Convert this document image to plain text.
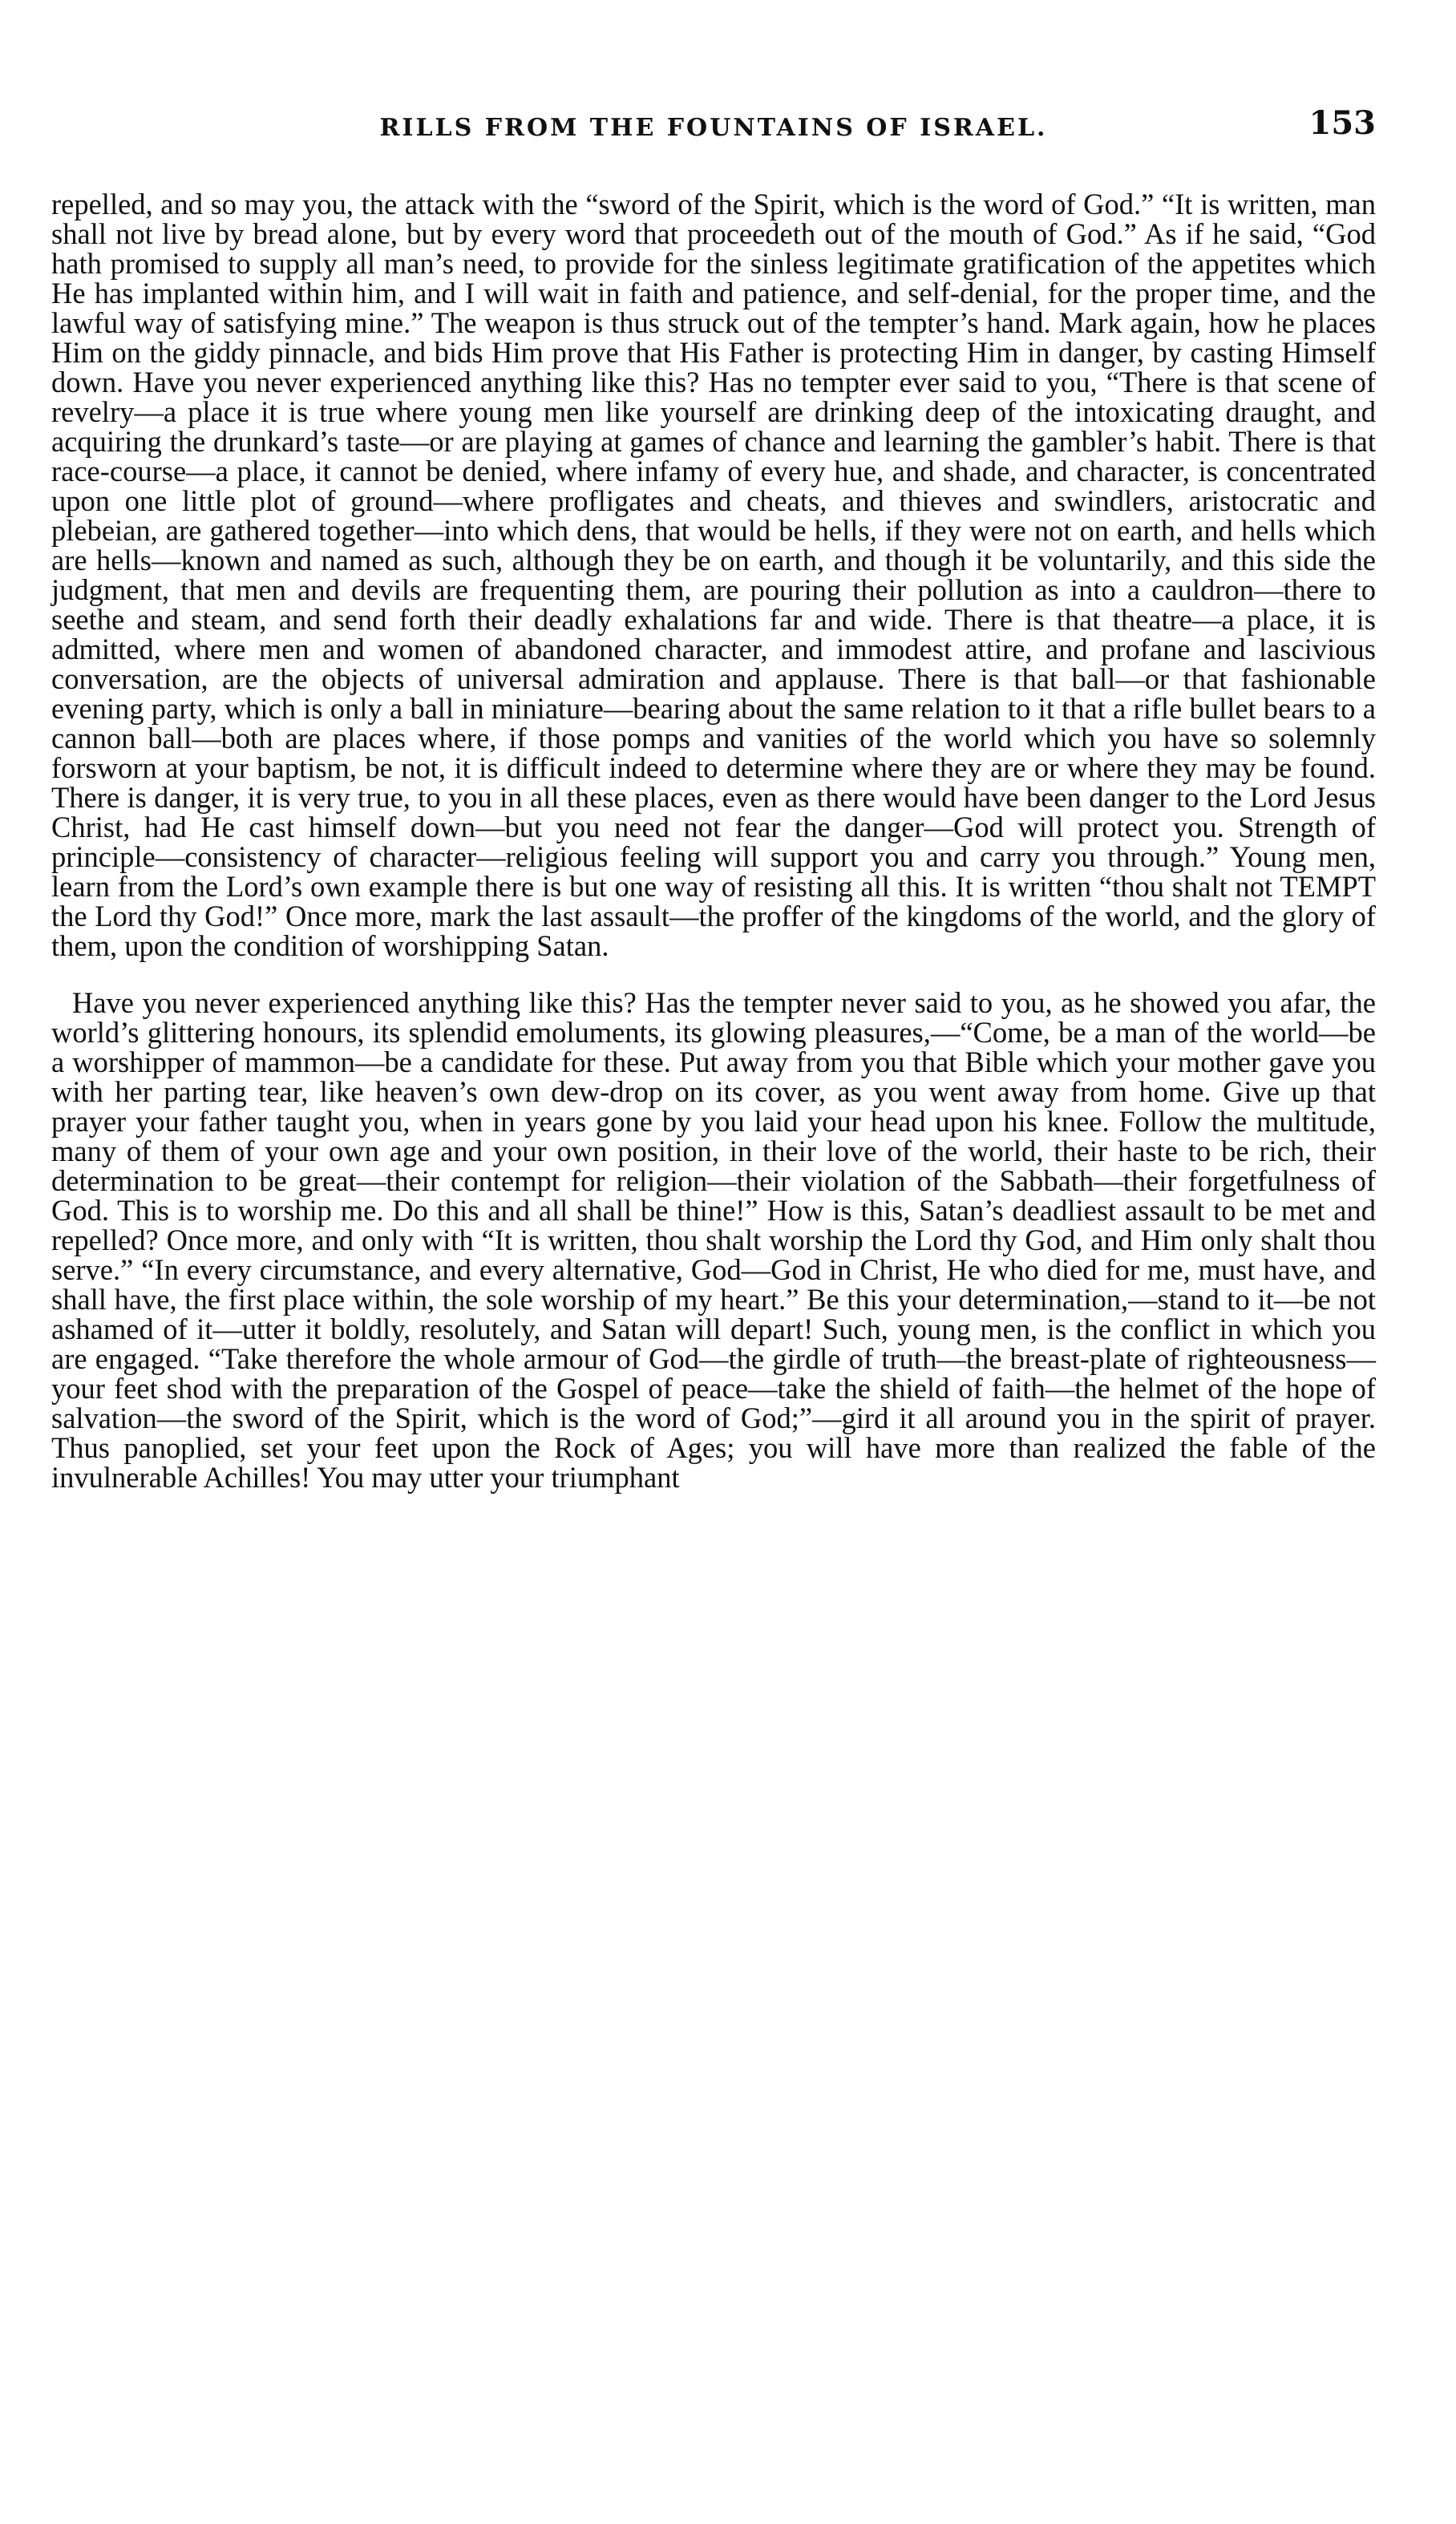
RILLS FROM THE FOUNTAINS OF ISRAEL.	153

repelled, and so may you, the attack with the “sword of the Spirit, which is the word of God.” “It is written, man shall not live by bread alone, but by every word that proceedeth out of the mouth of God.” As if he said, “God hath promised to supply all man’s need, to provide for the sinless legitimate gratification of the appetites which He has implanted within him, and I will wait in faith and patience, and self-denial, for the proper time, and the lawful way of satisfying mine.” The weapon is thus struck out of the tempter’s hand. Mark again, how he places Him on the giddy pinnacle, and bids Him prove that His Father is protecting Him in danger, by casting Himself down. Have you never experienced anything like this? Has no tempter ever said to you, “There is that scene of revelry—a place it is true where young men like yourself are drinking deep of the intoxicating draught, and acquiring the drunkard’s taste—or are playing at games of chance and learning the gambler’s habit. There is that race-course—a place, it cannot be denied, where infamy of every hue, and shade, and character, is concentrated upon one little plot of ground—where profligates and cheats, and thieves and swindlers, aristocratic and plebeian, are gathered together—into which dens, that would be hells, if they were not on earth, and hells which are hells—known and named as such, although they be on earth, and though it be voluntarily, and this side the judgment, that men and devils are frequenting them, are pouring their pollution as into a cauldron—there to seethe and steam, and send forth their deadly exhalations far and wide. There is that theatre—a place, it is admitted, where men and women of abandoned character, and immodest attire, and profane and lascivious conversation, are the objects of universal admiration and applause. There is that ball—or that fashionable evening party, which is only a ball in miniature—bearing about the same relation to it that a rifle bullet bears to a cannon ball—both are places where, if those pomps and vanities of the world which you have so solemnly forsworn at your baptism, be not, it is difficult indeed to determine where they are or where they may be found. There is danger, it is very true, to you in all these places, even as there would have been danger to the Lord Jesus Christ, had He cast himself down—but you need not fear the danger—God will protect you. Strength of principle—consistency of character—religious feeling will support you and carry you through.” Young men, learn from the Lord’s own example there is but one way of resisting all this. It is written “thou shalt not TEMPT the Lord thy God!” Once more, mark the last assault—the proffer of the kingdoms of the world, and the glory of them, upon the condition of worshipping Satan.

Have you never experienced anything like this? Has the tempter never said to you, as he showed you afar, the world’s glittering honours, its splendid emoluments, its glowing pleasures,—“Come, be a man of the world—be a worshipper of mammon—be a candidate for these. Put away from you that Bible which your mother gave you with her parting tear, like heaven’s own dew-drop on its cover, as you went away from home. Give up that prayer your father taught you, when in years gone by you laid your head upon his knee. Follow the multitude, many of them of your own age and your own position, in their love of the world, their haste to be rich, their determination to be great—their contempt for religion—their violation of the Sabbath—their forgetfulness of God. This is to worship me. Do this and all shall be thine!” How is this, Satan’s deadliest assault to be met and repelled? Once more, and only with “It is written, thou shalt worship the Lord thy God, and Him only shalt thou serve.” “In every circumstance, and every alternative, God—God in Christ, He who died for me, must have, and shall have, the first place within, the sole worship of my heart.” Be this your determination,—stand to it—be not ashamed of it—utter it boldly, resolutely, and Satan will depart! Such, young men, is the conflict in which you are engaged. “Take therefore the whole armour of God—the girdle of truth—the breast-plate of righteousness—your feet shod with the preparation of the Gospel of peace—take the shield of faith—the helmet of the hope of salvation—the sword of the Spirit, which is the word of God;”—gird it all around you in the spirit of prayer. Thus panoplied, set your feet upon the Rock of Ages; you will have more than realized the fable of the invulnerable Achilles! You may utter your triumphant
